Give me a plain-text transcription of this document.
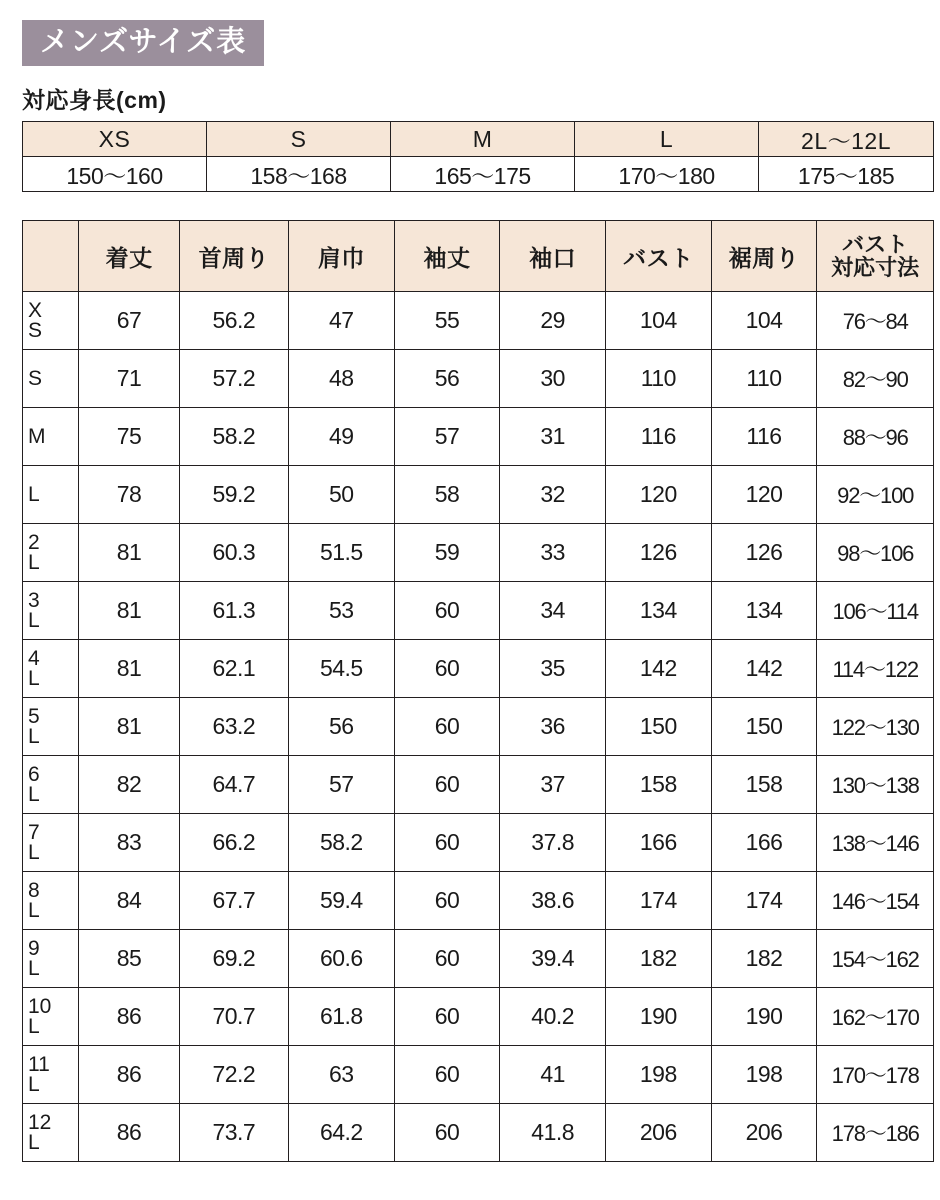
メンズサイズ表
対応身長(cm)
XS	S	M	L	2L〜12L
150〜160	158〜168	165〜175	170〜180	175〜185
	着丈	首周り	肩巾	袖丈	袖口	バスト	裾周り	バスト
対応寸法

XS	67	56.2	47	55	29	104	104	76〜84
S	71	57.2	48	56	30	110	110	82〜90
M	75	58.2	49	57	31	116	116	88〜96
L	78	59.2	50	58	32	120	120	92〜100
2L	81	60.3	51.5	59	33	126	126	98〜106
3L	81	61.3	53	60	34	134	134	106〜114
4L	81	62.1	54.5	60	35	142	142	114〜122
5L	81	63.2	56	60	36	150	150	122〜130
6L	82	64.7	57	60	37	158	158	130〜138
7L	83	66.2	58.2	60	37.8	166	166	138〜146
8L	84	67.7	59.4	60	38.6	174	174	146〜154
9L	85	69.2	60.6	60	39.4	182	182	154〜162
10L	86	70.7	61.8	60	40.2	190	190	162〜170
11L	86	72.2	63	60	41	198	198	170〜178
12L	86	73.7	64.2	60	41.8	206	206	178〜186
